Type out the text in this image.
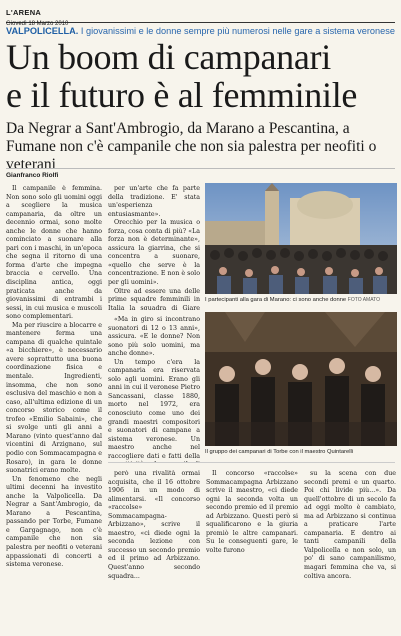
L'ARENA
Giovedì 18 Marzo 2010
VALPOLICELLA. I giovanissimi e le donne sempre più numerosi nelle gare a sistema veronese
Un boom di campanari
e il futuro è al femminile

Da Negrar a Sant'Ambrogio, da Marano a Pescantina, a Fumane non c'è campanile che non sia palestra per neofiti o veterani

Gianfranco Riolfi

Il campanile è femmina. Non sono solo gli uomini oggi a scegliere la musica campanaria, da oltre un decennio ormai, sono molte anche le donne che hanno cominciato a suonare alla pari con i maschi, in un'epoca che segna il ritorno di una forma d'arte che impegna braccia e cervello. Una disciplina antica, oggi praticata anche da giovanissimi di entrambi i sessi, in cui musica e muscoli sono complementari.

Ma per riuscire a blocarre e mantenere ferma una campana di qualche quintale «a bicchiere», è necessario avere soprattutto una buona coordinazione fisica e mentale. Ingredienti, insomma, che non sono esclusiva del maschio e non a caso, all'ultima edizione di un concorso storico come il trofeo «Emilio Sabaini», che si svolge unti gli anni a Marano (vinto quest'anno dal vicentini di Arzignano, sul podio con Sommacampagna e Rosaro), in gara le donne suonatrici erano molte.

Un fenomeno che negli ultimi decenni ha investito anche la Valpolicella. Da Negrar a Sant'Ambrogio, da Marano a Pescantina, passando per Torbe, Fumane e Gargagnago, non c'è campanile che non sia palestra per neofiti o veterani appassionati di concerti a sistema veronese.

per un'arte che fa parte della tradizione. E' stata un'esperienza entusiasmante».

Orecchio per la musica o forza, cosa conta di più? «La forza non è determinante», assicura la giarrina, che si concentra a suonare, «quello che serve è la concentrazione. E non è solo per gli uomini».

Oltre ad essere una delle prime squadre femminili in Italia la squadra di Giare

«Ma in giro si incontrano suonatori di 12 o 13 anni», assicura. «E le donne? Non sono più solo uomini, ma anche donne».

Un tempo c'era la campanaria era riservata solo agli uomini. Erano gli anni in cui il veronese Pietro Sancassani, classe 1880, morto nel 1972, era conosciuto come uno dei grandi maestri compositori e suonatori di campane a sistema veronese. Un maestro anche nel raccogliere dati e fatti della

I partecipanti alla gara di Marano: ci sono anche donne FOTO AMATO
Il gruppo dei campanari di Torbe con il maestro Quintarelli

però una rivalità ormai acquisita, che il 16 ottobre 1906 in un modo di alimentarsi. «Il concorso «raccolse» Sommacampagna-Arbizzano», scrive il maestro, «ci diede ogni la seconda lezione con successo un secondo premio ed il primo ad Arbizzano. Quest'anno secondo squadra...

Il concorso «raccolse» Sommacampagna Arbizzano scrive il maestro, «ci diede ogni la seconda volta un secondo premio ed il premio ad Arbizzano. Questi però si squalificarono e la giuria premiò le altre campanari. Su le conseguenti gare, le volte furono

su la scena con due secondi premi e un quarto. Poi chi livide più...». Da quell'ottobre di un secolo fa ad oggi molto è cambiato, ma ad Arbizzano si continua a praticare l'arte campanaria. E dentro ai tanti campanili della Valpolicella e non solo, un po' di sano campanilismo, magari femmina che va, si coltiva ancora.
